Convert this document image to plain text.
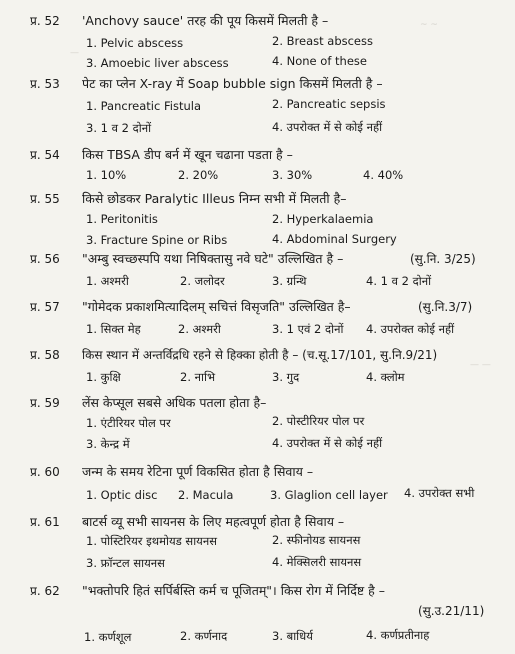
~ ~
—
— —
प्र. 52 'Anchovy sauce' तरह की पूय किसमें मिलती है –
1. Pelvic abscess	2. Breast abscess
3. Amoebic liver abscess	4. None of these
प्र. 53 पेट का प्लेन X-ray में Soap bubble sign किसमें मिलती है –
1. Pancreatic Fistula	2. Pancreatic sepsis
3. 1 व 2 दोनों	4. उपरोक्त में से कोई नहीं
प्र. 54 किस TBSA डीप बर्न में खून चढाना पडता है –
1. 10%	2. 20%	3. 30%	4. 40%
प्र. 55 किसे छोडकर Paralytic Illeus निम्न सभी में मिलती है–
1. Peritonitis	2. Hyperkalaemia
3. Fracture Spine or Ribs	4. Abdominal Surgery
प्र. 56 "अम्बु स्वच्छस्पपि यथा निषिक्तासु नवे घटे" उल्लिखित है –	(सु.नि. 3/25)
1. अश्मरी	2. जलोदर	3. ग्रन्थि	4. 1 व 2 दोनों
प्र. 57 "गोमेदक प्रकाशमित्यादिलम् सचित्तं विसृजति" उल्लिखित है–	(सु.नि.3/7)
1. सिक्त मेह	2. अश्मरी	3. 1 एवं 2 दोनों 4. उपरोक्त कोई नहीं
प्र. 58 किस स्थान में अन्तर्विद्रधि रहने से हिक्का होती है – (च.सू.17/101, सु.नि.9/21)
1. कुक्षि	2. नाभि	3. गुद	4. क्लोम
प्र. 59 लेंस केप्सूल सबसे अधिक पतला होता है–
1. एंटीरियर पोल पर	2. पोस्टीरियर पोल पर
3. केन्द्र में	4. उपरोक्त में से कोई नहीं
प्र. 60 जन्म के समय रेटिना पूर्ण विकसित होता है सिवाय –
1. Optic disc 2. Macula	3. Glaglion cell layer 4. उपरोक्त सभी
प्र. 61 बाटर्स व्यू सभी सायनस के लिए महत्वपूर्ण होता है सिवाय –
1. पोस्टिरियर इथमोयड सायनस	2. स्फीनोयड सायनस
3. फ्रॉन्टल सायनस	4. मेक्सिलरी सायनस
प्र. 62 "भक्तोपरि हितं सर्पिर्बस्ति कर्म च पूजितम्"। किस रोग में निर्दिष्ट है –
(सु.उ.21/11)
1. कर्णशूल	2. कर्णनाद	3. बाधिर्य	4. कर्णप्रतीनाह
